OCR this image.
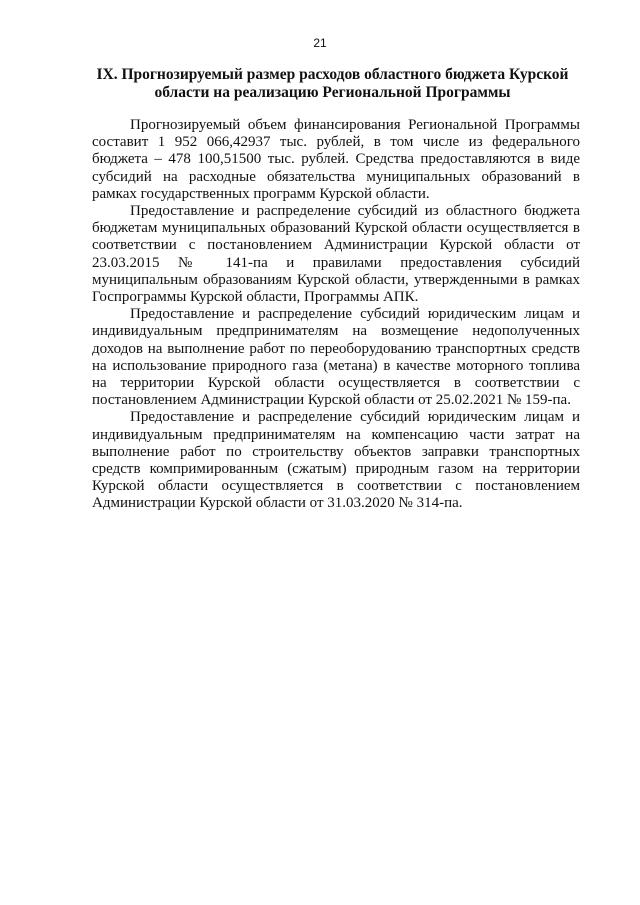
21
IX. Прогнозируемый размер расходов областного бюджета Курской
области на реализацию Региональной Программы

Прогнозируемый объем финансирования Региональной Программы составит 1 952 066,42937 тыс. рублей, в том числе из федерального бюджета – 478 100,51500 тыс. рублей. Средства предоставляются в виде субсидий на расходные обязательства муниципальных образований в рамках государственных программ Курской области.

Предоставление и распределение субсидий из областного бюджета бюджетам муниципальных образований Курской области осуществляется в соответствии с постановлением Администрации Курской области от 23.03.2015 № 141-па и правилами предоставления субсидий муниципальным образованиям Курской области, утвержденными в рамках Госпрограммы Курской области, Программы АПК.

Предоставление и распределение субсидий юридическим лицам и индивидуальным предпринимателям на возмещение недополученных доходов на выполнение работ по переоборудованию транспортных средств на использование природного газа (метана) в качестве моторного топлива на территории Курской области осуществляется в соответствии с постановлением Администрации Курской области от 25.02.2021 № 159-па.

Предоставление и распределение субсидий юридическим лицам и индивидуальным предпринимателям на компенсацию части затрат на выполнение работ по строительству объектов заправки транспортных средств компримированным (сжатым) природным газом на территории Курской области осуществляется в соответствии с постановлением Администрации Курской области от 31.03.2020 № 314-па.
